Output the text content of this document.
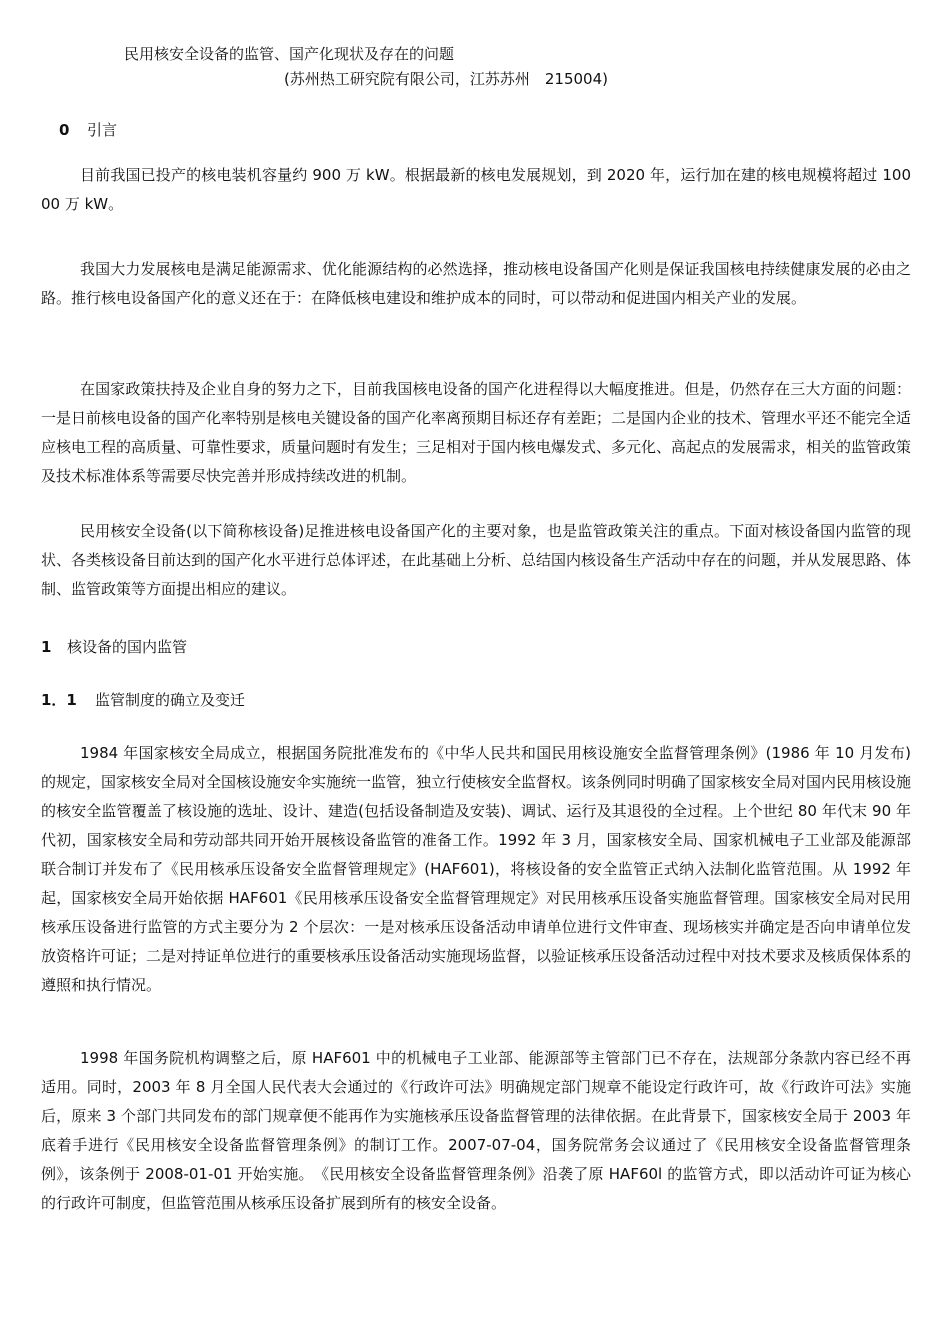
民用核安全设备的监管、国产化现状及存在的问题
(苏州热工研究院有限公司，江苏苏州　215004)
0 引言

目前我国已投产的核电装机容量约 900 万 kW。根据最新的核电发展规划，到 2020 年，运行加在建的核电规模将超过 10000 万 kW。

我国大力发展核电是满足能源需求、优化能源结构的必然选择，推动核电设备国产化则是保证我国核电持续健康发展的必由之路。推行核电设备国产化的意义还在于：在降低核电建设和维护成本的同时，可以带动和促进国内相关产业的发展。

在国家政策扶持及企业自身的努力之下，目前我国核电设备的国产化进程得以大幅度推进。但是，仍然存在三大方面的问题：一是日前核电设备的国产化率特别是核电关键设备的国产化率离预期目标还存有差距；二是国内企业的技术、管理水平还不能完全适应核电工程的高质量、可靠性要求，质量问题时有发生；三足相对于国内核电爆发式、多元化、高起点的发展需求，相关的监管政策及技术标准体系等需要尽快完善并形成持续改进的机制。

民用核安全设备(以下简称核设备)足推进核电设备国产化的主要对象，也是监管政策关注的重点。下面对核设备国内监管的现状、各类核设备目前达到的国产化水平进行总体评述，在此基础上分析、总结国内核设备生产活动中存在的问题，并从发展思路、体制、监管政策等方面提出相应的建议。

1 核设备的国内监管
1．1 监管制度的确立及变迁

1984 年国家核安全局成立，根据国务院批准发布的《中华人民共和国民用核设施安全监督管理条例》(1986 年 10 月发布)的规定，国家核安全局对全国核设施安伞实施统一监管，独立行使核安全监督权。该条例同时明确了国家核安全局对国内民用核设施的核安全监管覆盖了核设施的选址、设计、建造(包括设备制造及安装)、调试、运行及其退役的全过程。上个世纪 80 年代末 90 年代初，国家核安全局和劳动部共同开始开展核设备监管的准备工作。1992 年 3 月，国家核安全局、国家机械电子工业部及能源部联合制订并发布了《民用核承压设备安全监督管理规定》(HAF601)，将核设备的安全监管正式纳入法制化监管范围。从 1992 年起，国家核安全局开始依据 HAF601《民用核承压设备安全监督管理规定》对民用核承压设备实施监督管理。国家核安全局对民用核承压设备进行监管的方式主要分为 2 个层次：一是对核承压设备活动申请单位进行文件审查、现场核实并确定是否向申请单位发放资格许可证；二是对持证单位进行的重要核承压设备活动实施现场监督，以验证核承压设备活动过程中对技术要求及核质保体系的遵照和执行情况。

1998 年国务院机构调整之后，原 HAF601 中的机械电子工业部、能源部等主管部门已不存在，法规部分条款内容已经不再适用。同时，2003 年 8 月全国人民代表大会通过的《行政许可法》明确规定部门规章不能设定行政许可，故《行政许可法》实施后，原来 3 个部门共同发布的部门规章便不能再作为实施核承压设备监督管理的法律依据。在此背景下，国家核安全局于 2003 年底着手进行《民用核安全设备监督管理条例》的制订工作。2007-07-04，国务院常务会议通过了《民用核安全设备监督管理条例》，该条例于 2008-01-01 开始实施。　《民用核安全设备监督管理条例》沿袭了原 HAF60l 的监管方式，即以活动许可证为核心的行政许可制度，但监管范围从核承压设备扩展到所有的核安全设备。
